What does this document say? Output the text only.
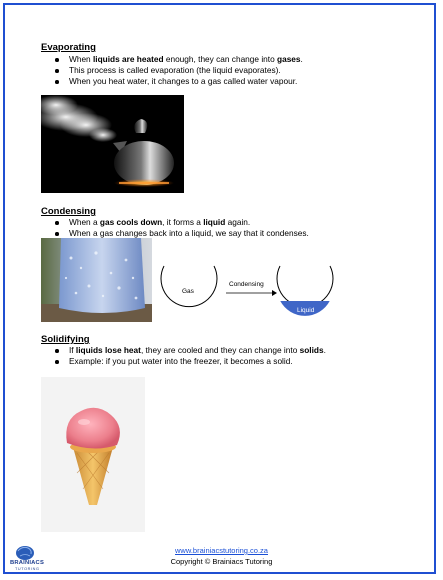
Evaporating
When liquids are heated enough, they can change into gases.
This process is called evaporation (the liquid evaporates).
When you heat water, it changes to a gas called water vapour.
Condensing
When a gas cools down, it forms a liquid again.
When a gas changes back into a liquid, we say that it condenses.
Gas
Condensing
Liquid
Solidifying
If liquids lose heat, they are cooled and they can change into solids.
Example: if you put water into the freezer, it becomes a solid.
BRAINIACS
TUTORING
www.brainiacstutoring.co.za
Copyright © Brainiacs Tutoring
